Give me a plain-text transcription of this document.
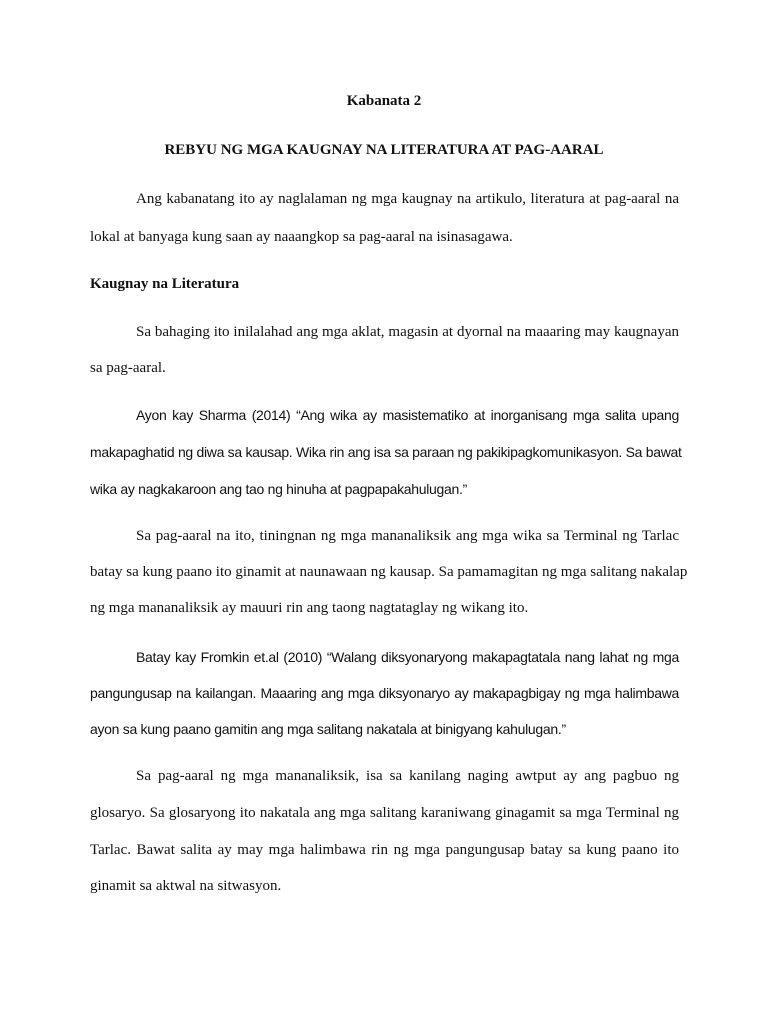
Kabanata 2

REBYU NG MGA KAUGNAY NA LITERATURA AT PAG-AARAL

Ang kabanatang ito ay naglalaman ng mga kaugnay na artikulo, literatura at pag-aaral na

lokal at banyaga kung saan ay naaangkop sa pag-aaral na isinasagawa.

Kaugnay na Literatura

Sa bahaging ito inilalahad ang mga aklat, magasin at dyornal na maaaring may kaugnayan

sa pag-aaral.

Ayon kay Sharma (2014) “Ang wika ay masistematiko at inorganisang mga salita upang

makapaghatid ng diwa sa kausap. Wika rin ang isa sa paraan ng pakikipagkomunikasyon. Sa bawat

wika ay nagkakaroon ang tao ng hinuha at pagpapakahulugan.”

Sa pag-aaral na ito, tiningnan ng mga mananaliksik ang mga wika sa Terminal ng Tarlac

batay sa kung paano ito ginamit at naunawaan ng kausap. Sa pamamagitan ng mga salitang nakalap

ng mga mananaliksik ay mauuri rin ang taong nagtataglay ng wikang ito.

Batay kay Fromkin et.al (2010) “Walang diksyonaryong makapagtatala nang lahat ng mga

pangungusap na kailangan. Maaaring ang mga diksyonaryo ay makapagbigay ng mga halimbawa

ayon sa kung paano gamitin ang mga salitang nakatala at binigyang kahulugan.”

Sa pag-aaral ng mga mananaliksik, isa sa kanilang naging awtput ay ang pagbuo ng

glosaryo. Sa glosaryong ito nakatala ang mga salitang karaniwang ginagamit sa mga Terminal ng

Tarlac. Bawat salita ay may mga halimbawa rin ng mga pangungusap batay sa kung paano ito

ginamit sa aktwal na sitwasyon.
